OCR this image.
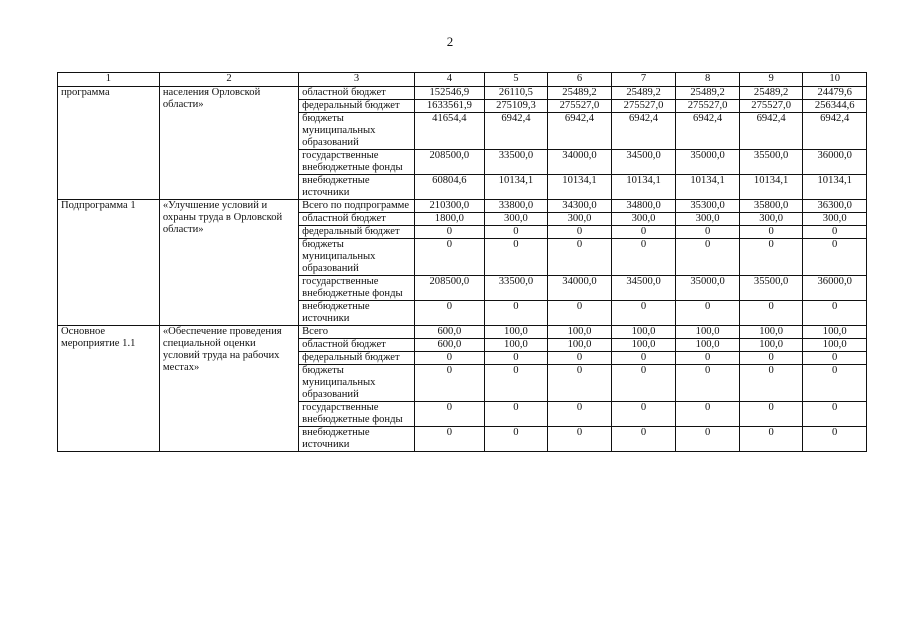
2
1	2	3	4	5	6	7	8	9	10
программа	населения Орловской области»	областной бюджет	152546,9	26110,5	25489,2	25489,2	25489,2	25489,2	24479,6
		федеральный бюджет	1633561,9	275109,3	275527,0	275527,0	275527,0	275527,0	256344,6
		бюджеты муниципальных образований	41654,4	6942,4	6942,4	6942,4	6942,4	6942,4	6942,4
		государственные внебюджетные фонды	208500,0	33500,0	34000,0	34500,0	35000,0	35500,0	36000,0
		внебюджетные источники	60804,6	10134,1	10134,1	10134,1	10134,1	10134,1	10134,1
Подпрограмма 1	«Улучшение условий и охраны труда в Орловской области»	Всего по подпрограмме	210300,0	33800,0	34300,0	34800,0	35300,0	35800,0	36300,0
		областной бюджет	1800,0	300,0	300,0	300,0	300,0	300,0	300,0
		федеральный бюджет	0	0	0	0	0	0	0
		бюджеты муниципальных образований	0	0	0	0	0	0	0
		государственные внебюджетные фонды	208500,0	33500,0	34000,0	34500,0	35000,0	35500,0	36000,0
		внебюджетные источники	0	0	0	0	0	0	0
Основное мероприятие 1.1	«Обеспечение проведения специальной оценки условий труда на рабочих местах»	Всего	600,0	100,0	100,0	100,0	100,0	100,0	100,0
		областной бюджет	600,0	100,0	100,0	100,0	100,0	100,0	100,0
		федеральный бюджет	0	0	0	0	0	0	0
		бюджеты муниципальных образований	0	0	0	0	0	0	0
		государственные внебюджетные фонды	0	0	0	0	0	0	0
		внебюджетные источники	0	0	0	0	0	0	0
